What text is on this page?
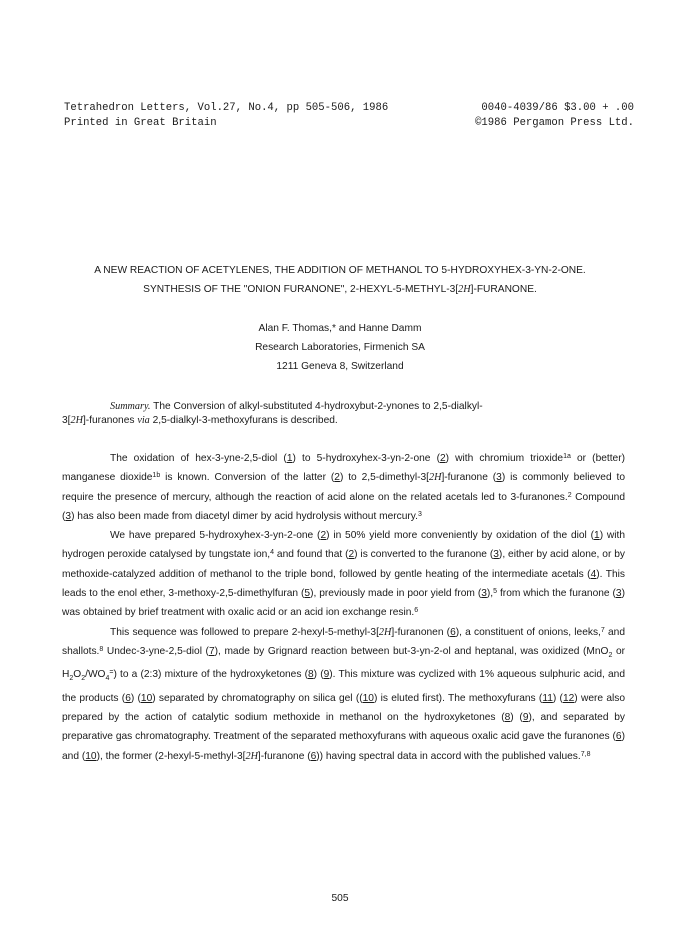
Tetrahedron Letters, Vol.27, No.4, pp 505-506, 1986	0040-4039/86 $3.00 + .00
Printed in Great Britain	©1986 Pergamon Press Ltd.
A NEW REACTION OF ACETYLENES, THE ADDITION OF METHANOL TO 5-HYDROXYHEX-3-YN-2-ONE.
SYNTHESIS OF THE "ONION FURANONE", 2-HEXYL-5-METHYL-3[2H]-FURANONE.
Alan F. Thomas,* and Hanne Damm
Research Laboratories, Firmenich SA
1211 Geneva 8, Switzerland
Summary. The Conversion of alkyl-substituted 4-hydroxybut-2-ynones to 2,5-dialkyl-
3[2H]-furanones via 2,5-dialkyl-3-methoxyfurans is described.

The oxidation of hex-3-yne-2,5-diol (1) to 5-hydroxyhex-3-yn-2-one (2) with chromium trioxide$^{1a}$ or (better) manganese dioxide$^{1b}$ is known. Conversion of the latter (2) to 2,5-dimethyl-3[2H]-furanone (3) is commonly believed to require the presence of mercury, although the reaction of acid alone on the related acetals led to 3-furanones.$^2$ Compound (3) has also been made from diacetyl dimer by acid hydrolysis without mercury.$^3$

We have prepared 5-hydroxyhex-3-yn-2-one (2) in 50% yield more conveniently by oxidation of the diol (1) with hydrogen peroxide catalysed by tungstate ion,$^4$ and found that (2) is converted to the furanone (3), either by acid alone, or by methoxide-catalyzed addition of methanol to the triple bond, followed by gentle heating of the intermediate acetals (4). This leads to the enol ether, 3-methoxy-2,5-dimethylfuran (5), previously made in poor yield from (3),$^5$ from which the furanone (3) was obtained by brief treatment with oxalic acid or an acid ion exchange resin.$^6$

This sequence was followed to prepare 2-hexyl-5-methyl-3[2H]-furanonen (6), a constituent of onions, leeks,$^7$ and shallots.$^8$ Undec-3-yne-2,5-diol (7), made by Grignard reaction between but-3-yn-2-ol and heptanal, was oxidized (MnO$_2$ or $H_2O_2/WO_4^=$) to a (2:3) mixture of the hydroxyketones (8) (9). This mixture was cyclized with 1% aqueous sulphuric acid, and the products (6) (10) separated by chromatography on silica gel ((10) is eluted first). The methoxyfurans (11) (12) were also prepared by the action of catalytic sodium methoxide in methanol on the hydroxyketones (8) (9), and separated by preparative gas chromatography. Treatment of the separated methoxyfurans with aqueous oxalic acid gave the furanones (6) and (10), the former (2-hexyl-5-methyl-3[2H]-furanone (6)) having spectral data in accord with the published values.$^{7,8}$

505
